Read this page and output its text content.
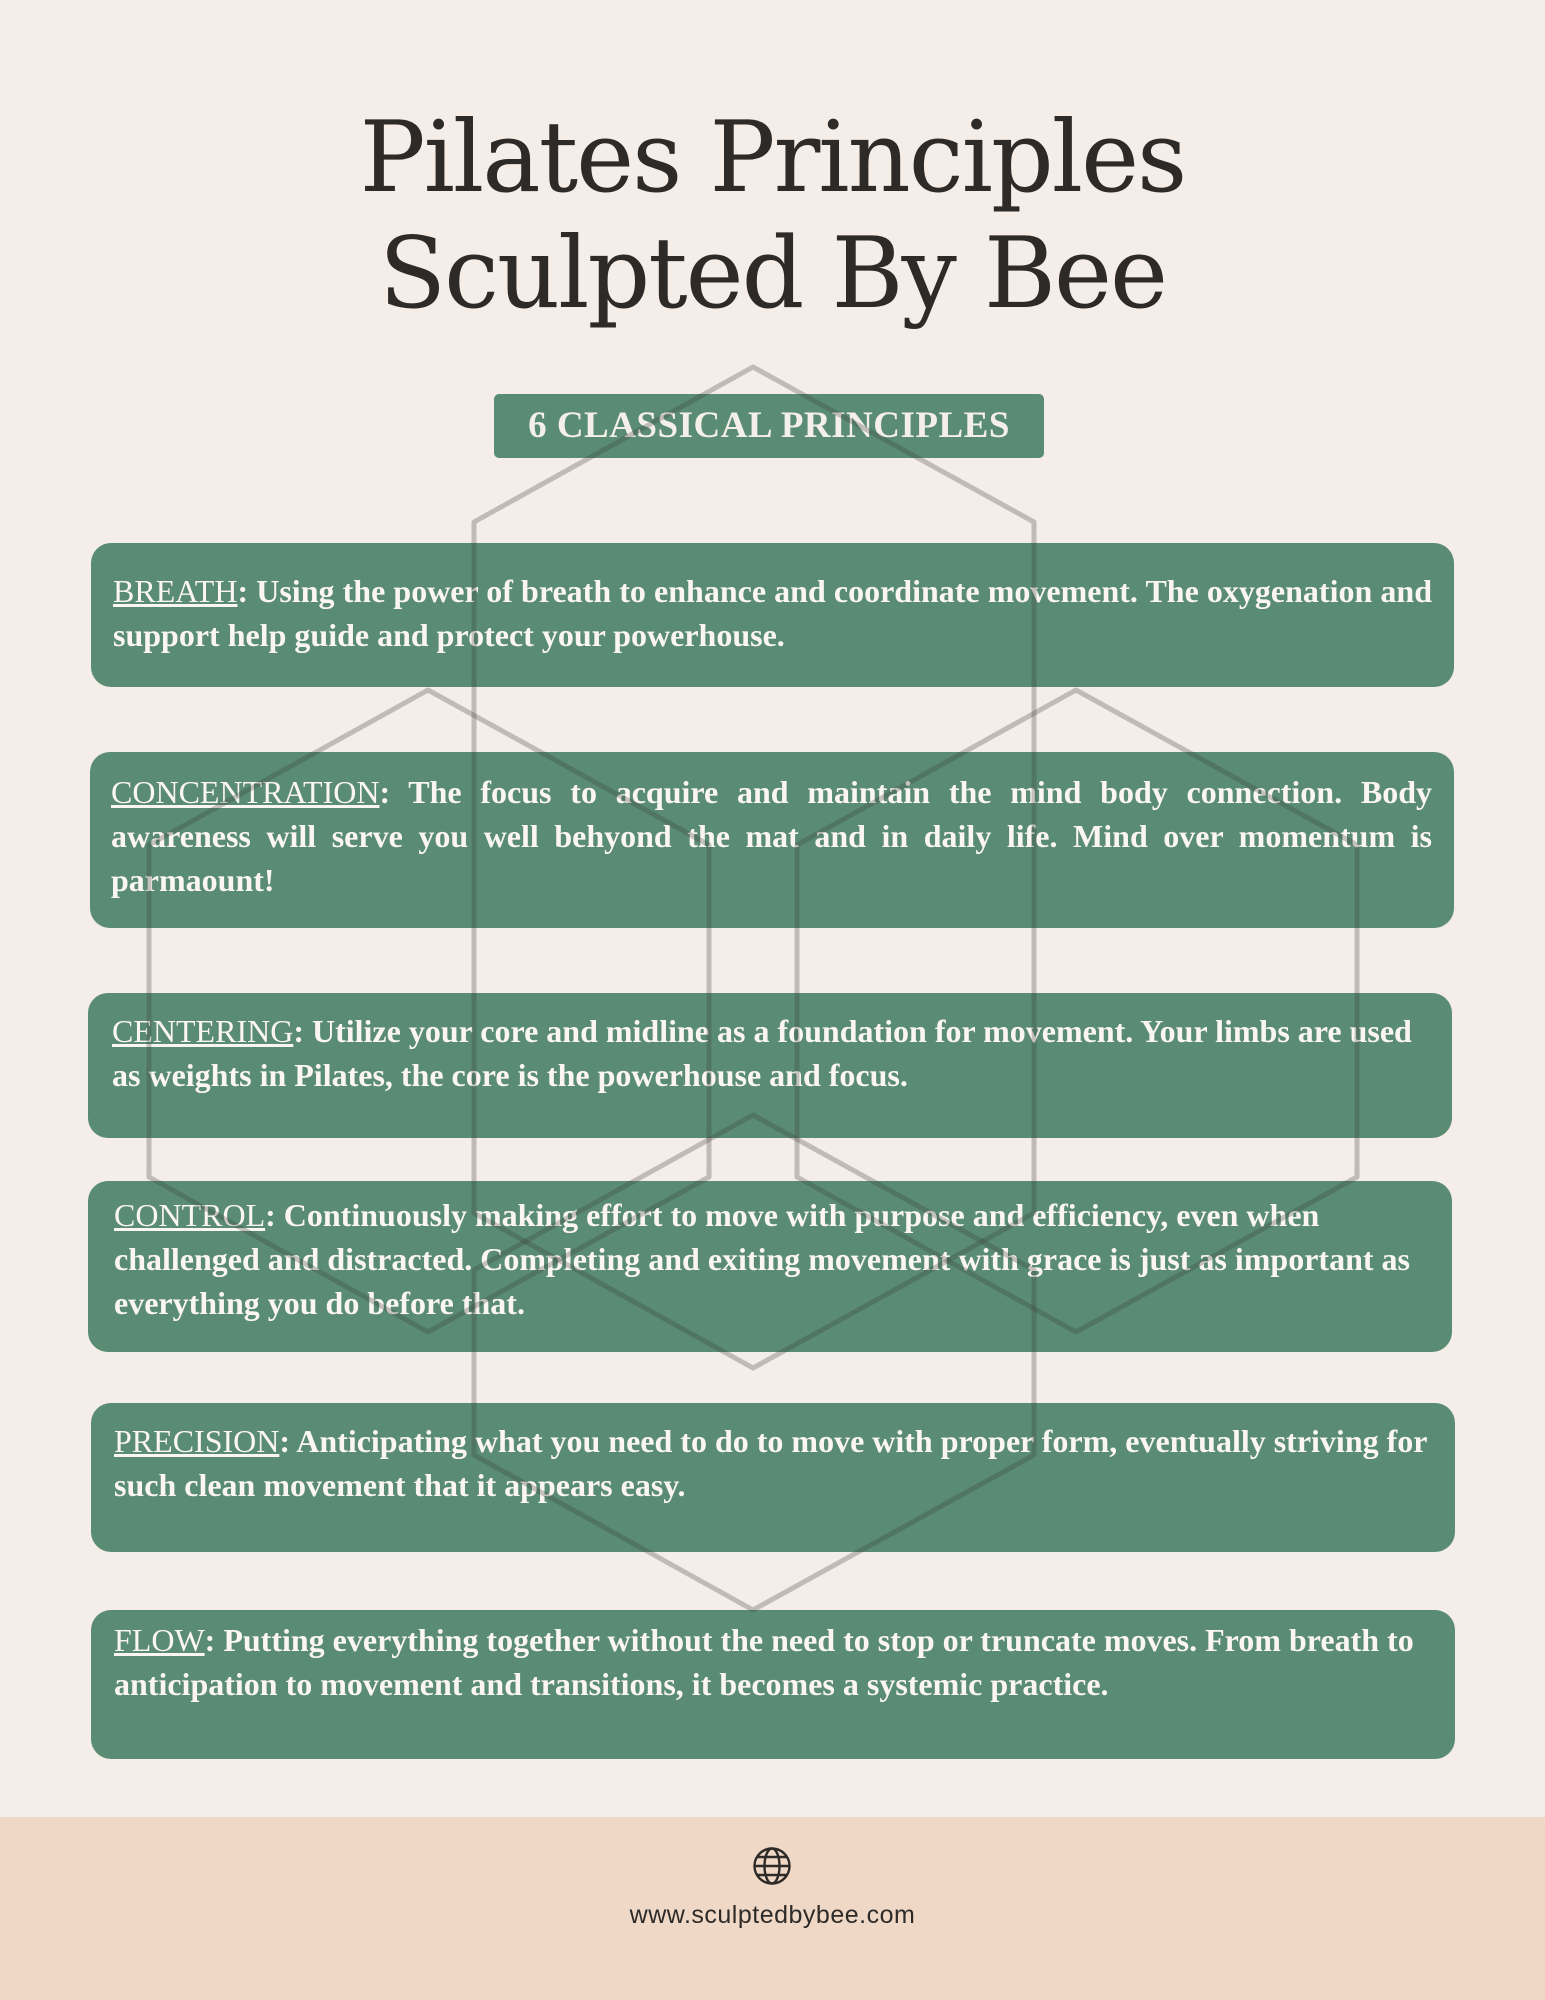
Pilates Principles
Sculpted By Bee
6 CLASSICAL PRINCIPLES
BREATH: Using the power of breath to enhance and coordinate movement. The oxygenation and support help guide and protect your powerhouse.
CONCENTRATION: The focus to acquire and maintain the mind body connection. Body awareness will serve you well behyond the mat and in daily life. Mind over momentum is parmaount!
CENTERING: Utilize your core and midline as a foundation for movement. Your limbs are used as weights in Pilates, the core is the powerhouse and focus.
CONTROL: Continuously making effort to move with purpose and efficiency, even when challenged and distracted. Completing and exiting movement with grace is just as important as everything you do before that.
PRECISION: Anticipating what you need to do to move with proper form, eventually striving for such clean movement that it appears easy.
FLOW: Putting everything together without the need to stop or truncate moves. From breath to anticipation to movement and transitions, it becomes a systemic practice.
www.sculptedbybee.com
